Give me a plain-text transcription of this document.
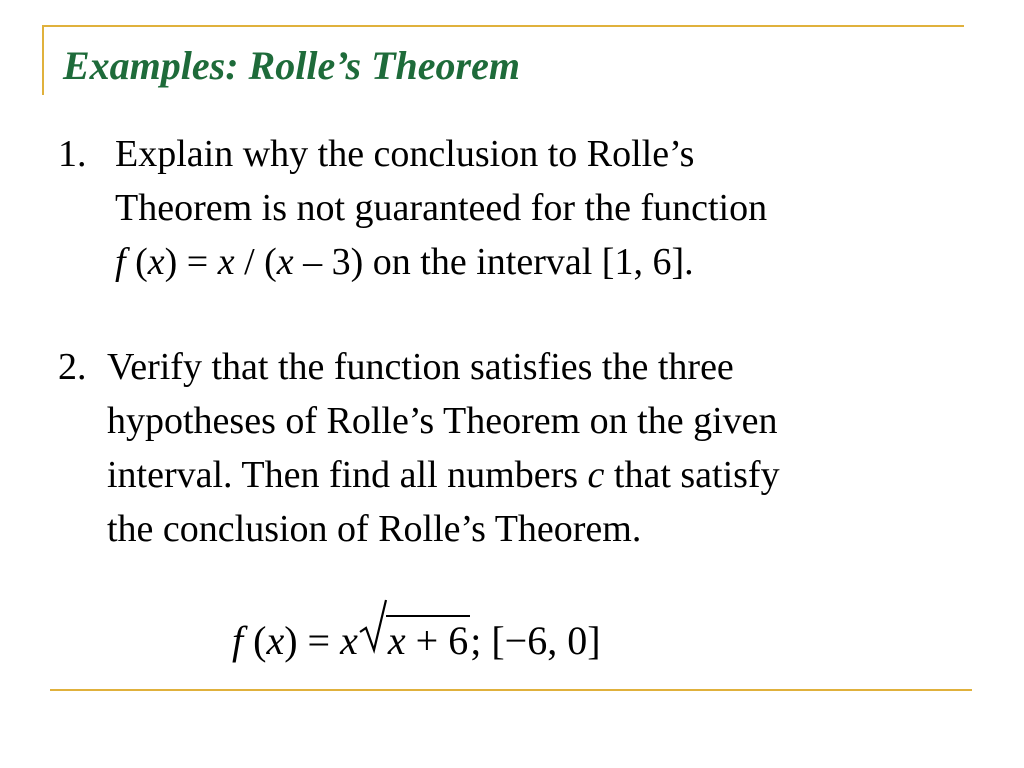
Examples: Rolle’s Theorem
1. Explain why the conclusion to Rolle’s
Theorem is not guaranteed for the function
f (x) = x / (x – 3) on the interval [1, 6].
2. Verify that the function satisfies the three
hypotheses of Rolle’s Theorem on the given
interval. Then find all numbers c that satisfy
the conclusion of Rolle’s Theorem.
f (x) = x x + 6; [−6, 0]
